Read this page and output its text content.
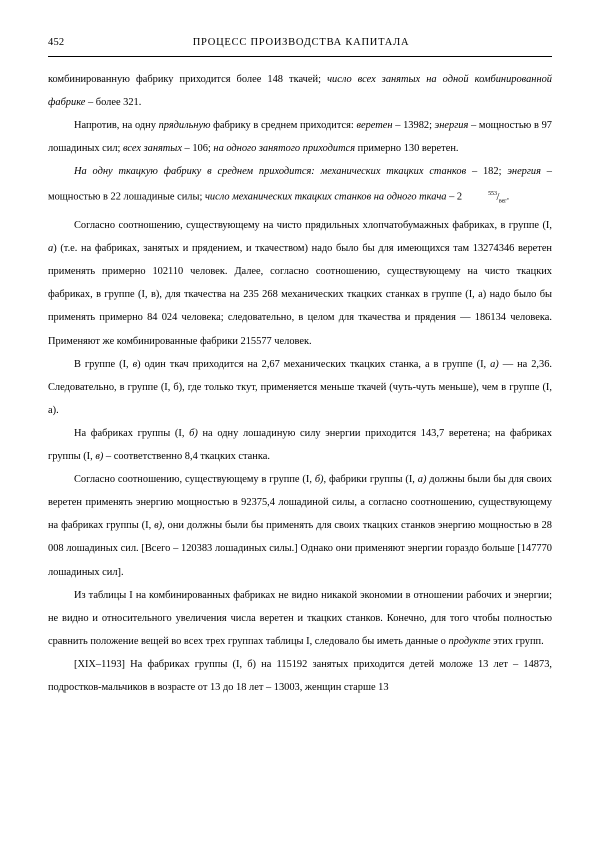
452	ПРОЦЕСС ПРОИЗВОДСТВА КАПИТАЛА

комбинированную фабрику приходится более 148 ткачей; число всех занятых на одной комбинированной фабрике – более 321.

Напротив, на одну прядильную фабрику в среднем приходится: веретен – 13982; энергия – мощностью в 97 лошадиных сил; всех занятых – 106; на одного занятого приходится примерно 130 веретен.

На одну ткацкую фабрику в среднем приходится: механических ткацких станков – 182; энергия – мощностью в 22 лошадиные силы; число механических ткацких станков на одного ткача – 2	$^{553}/_{вег}$.

Согласно соотношению, существующему на чисто прядильных хлопчатобумажных фабриках, в группе (I, а) (т.е. на фабриках, занятых и прядением, и ткачеством) надо было бы для имеющихся там 13274346 веретен применять примерно 102110 человек. Далее, согласно соотношению, существующему на чисто ткацких фабриках, в группе (I, в), для ткачества на 235 268 механических ткацких станках в группе (I, а) надо было бы применять примерно 84 024 человека; следовательно, в целом для ткачества и прядения — 186134 человека. Применяют же комбинированные фабрики 215577 человек.

В группе (I, в) один ткач приходится на 2,67 механических ткацких станка, а в группе (I, а) — на 2,36. Следовательно, в группе (I, б), где только ткут, применяется меньше ткачей (чуть-чуть меньше), чем в группе (I, а).

На фабриках группы (I, б) на одну лошадиную силу энергии приходится 143,7 веретена; на фабриках группы (I, в) – соответственно 8,4 ткацких станка.

Согласно соотношению, существующему в группе (I, б), фабрики группы (I, а) должны были бы для своих веретен применять энергию мощностью в 92375,4 лошадиной силы, а согласно соотношению, существующему на фабриках группы (I, в), они должны были бы применять для своих ткацких станков энергию мощностью в 28 008 лошадиных сил. [Всего – 120383 лошадиных силы.] Однако они применяют энергии гораздо больше [147770 лошадиных сил].

Из таблицы I на комбинированных фабриках не видно никакой экономии в отношении рабочих и энергии; не видно и относительного увеличения числа веретен и ткацких станков. Конечно, для того чтобы полностью сравнить положение вещей во всех трех группах таблицы I, следовало бы иметь данные о продукте этих групп.

[XIX–1193] На фабриках группы (I, б) на 115192 занятых приходится детей моложе 13 лет – 14873, подростков-мальчиков в возрасте от 13 до 18 лет – 13003, женщин старше 13
